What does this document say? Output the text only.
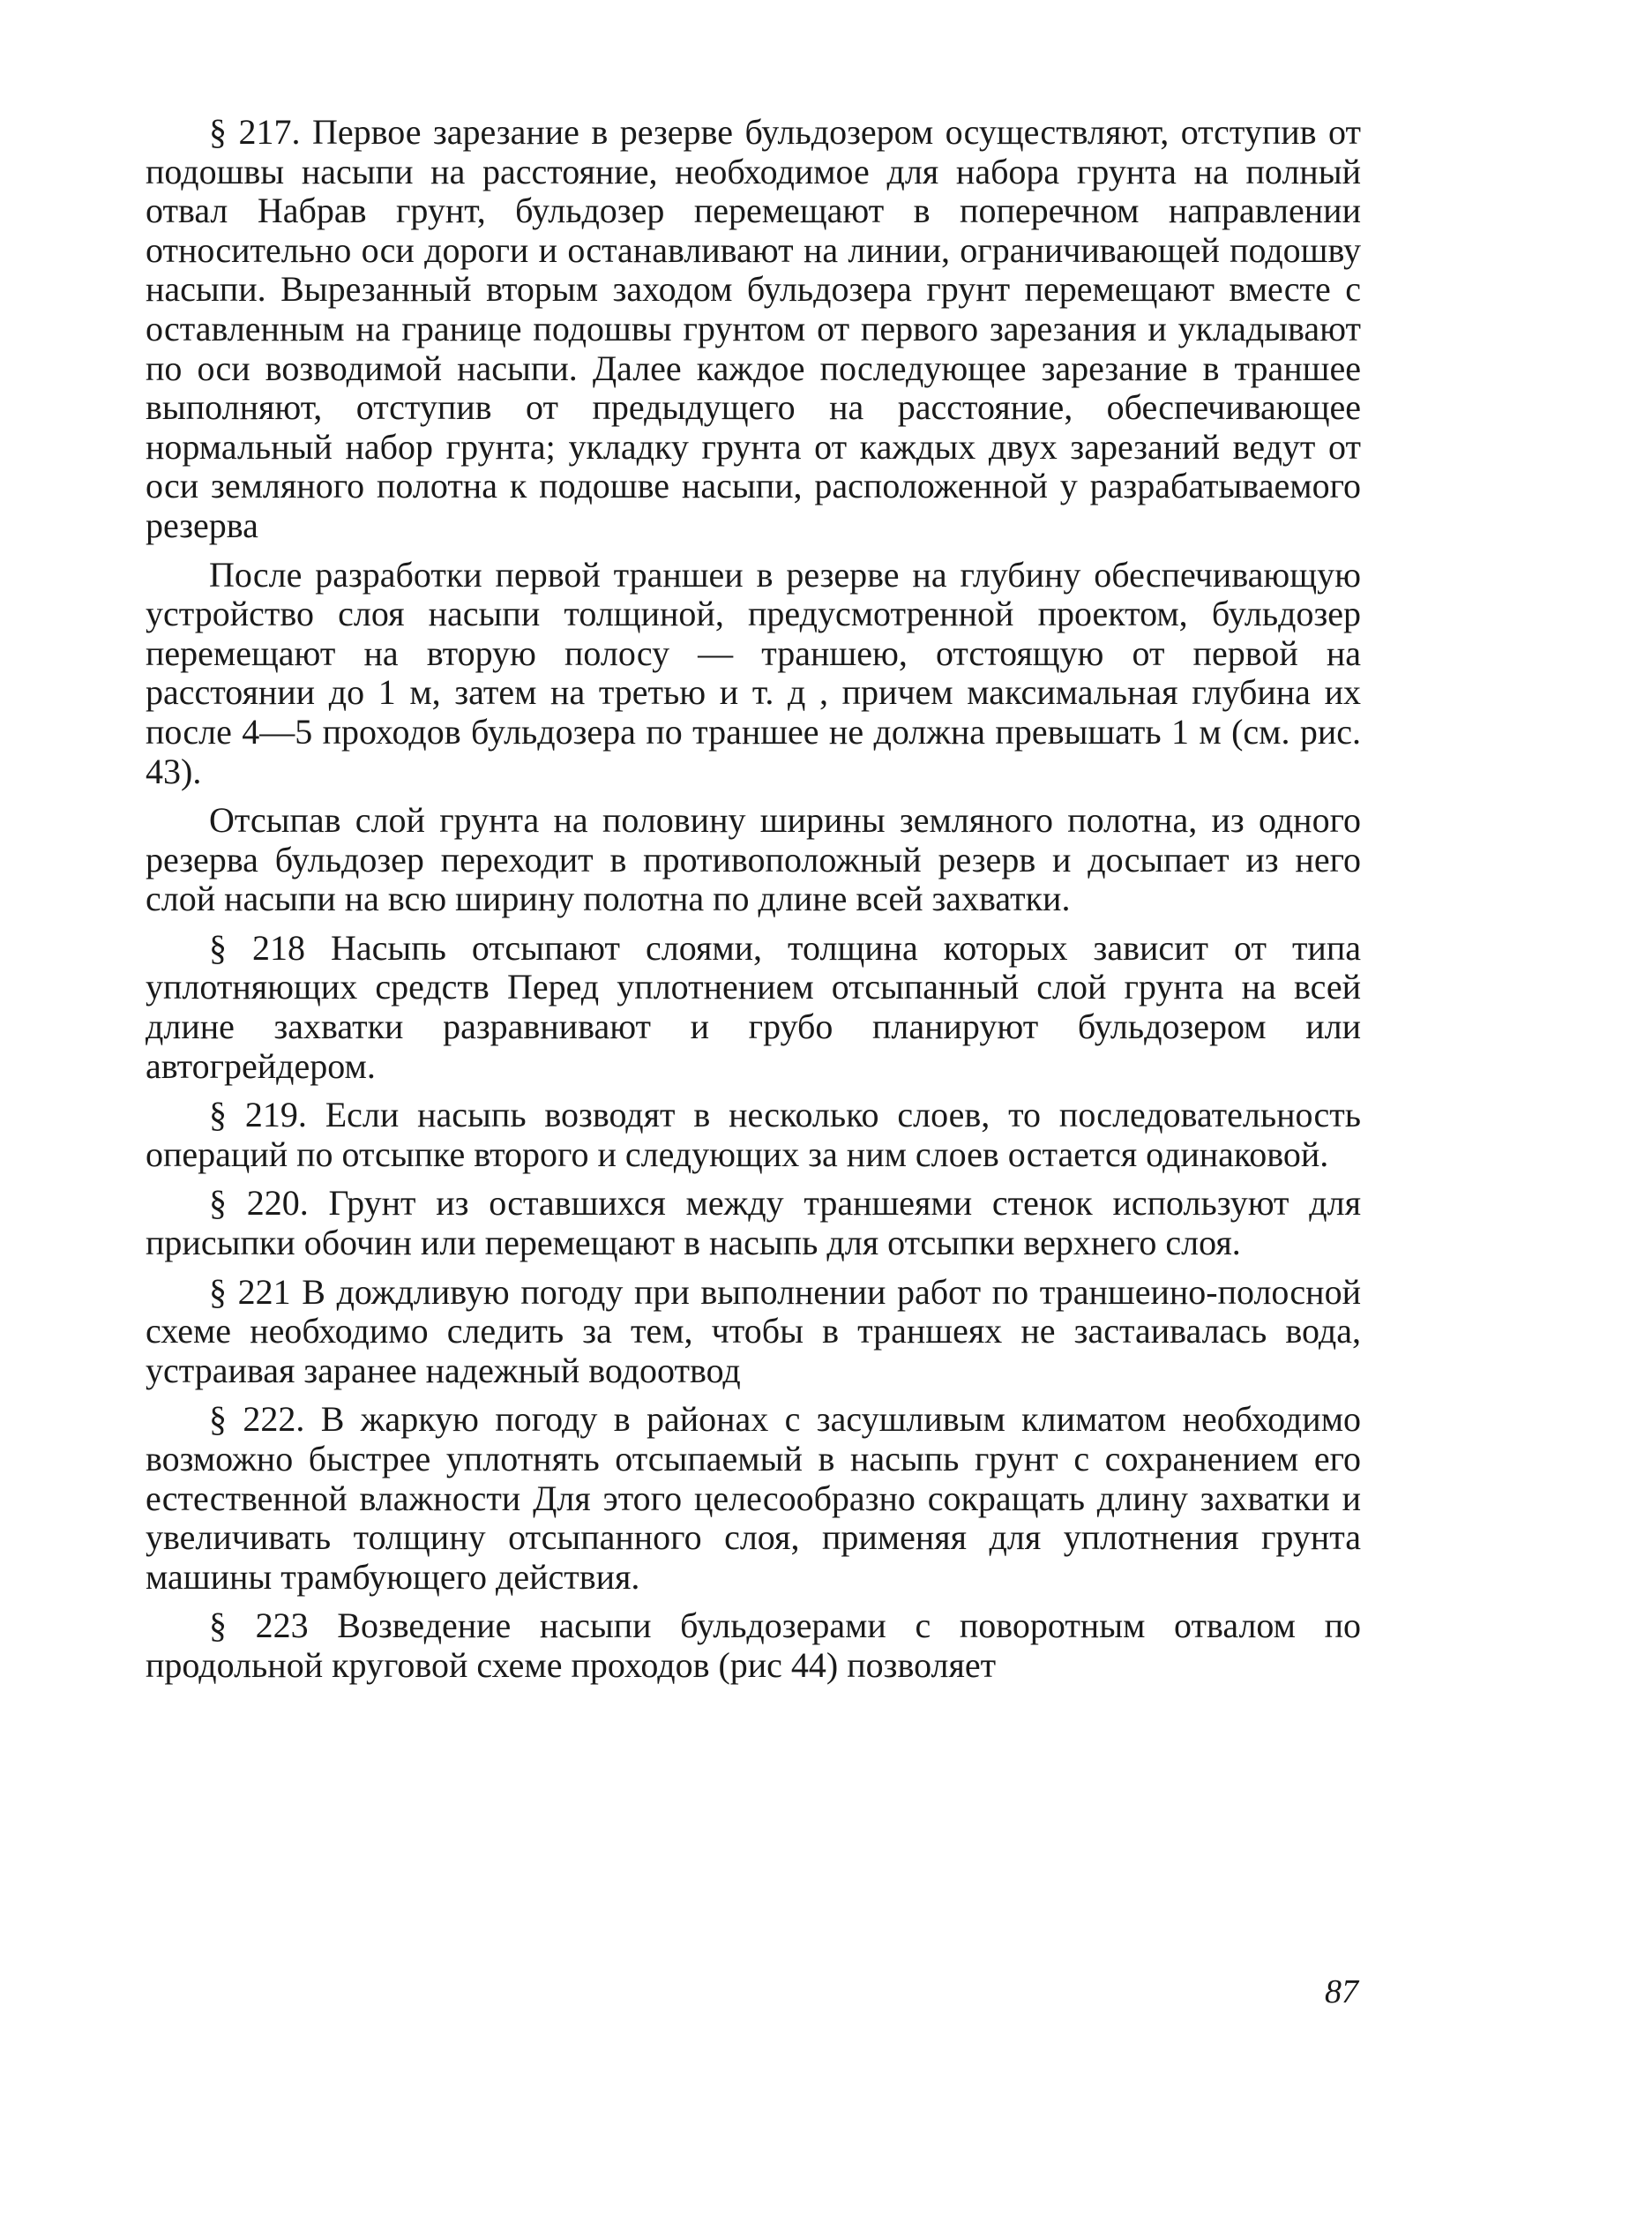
§ 217. Первое зарезание в резерве бульдозером осуществляют, отступив от подошвы насыпи на расстояние, необходимое для набора грунта на полный отвал Набрав грунт, бульдозер перемещают в поперечном направлении относительно оси дороги и останавливают на линии, ограничивающей подошву насыпи. Вырезанный вторым заходом бульдозера грунт перемещают вместе с оставленным на границе подошвы грунтом от первого зарезания и укладывают по оси возводимой насыпи. Далее каждое последующее зарезание в траншее выполняют, отступив от предыдущего на расстояние, обеспечивающее нормальный набор грунта; укладку грунта от каждых двух зарезаний ведут от оси земляного полотна к подошве насыпи, расположенной у разрабатываемого резерва

После разработки первой траншеи в резерве на глубину обеспечивающую устройство слоя насыпи толщиной, предусмотренной проектом, бульдозер перемещают на вторую полосу — траншею, отстоящую от первой на расстоянии до 1 м, затем на третью и т. д , причем максимальная глубина их после 4—5 проходов бульдозера по траншее не должна превышать 1 м (см. рис. 43).

Отсыпав слой грунта на половину ширины земляного полотна, из одного резерва бульдозер переходит в противоположный резерв и досыпает из него слой насыпи на всю ширину полотна по длине всей захватки.

§ 218 Насыпь отсыпают слоями, толщина которых зависит от типа уплотняющих средств Перед уплотнением отсыпанный слой грунта на всей длине захватки разравнивают и грубо планируют бульдозером или автогрейдером.

§ 219. Если насыпь возводят в несколько слоев, то последовательность операций по отсыпке второго и следующих за ним слоев остается одинаковой.

§ 220. Грунт из оставшихся между траншеями стенок используют для присыпки обочин или перемещают в насыпь для отсыпки верхнего слоя.

§ 221 В дождливую погоду при выполнении работ по траншеино-полосной схеме необходимо следить за тем, чтобы в траншеях не застаивалась вода, устраивая заранее надежный водоотвод

§ 222. В жаркую погоду в районах с засушливым климатом необходимо возможно быстрее уплотнять отсыпаемый в насыпь грунт с сохранением его естественной влажности Для этого целесообразно сокращать длину захватки и увеличивать толщину отсыпанного слоя, применяя для уплотнения грунта машины трамбующего действия.

§ 223 Возведение насыпи бульдозерами с поворотным отвалом по продольной круговой схеме проходов (рис 44) позволяет

87
